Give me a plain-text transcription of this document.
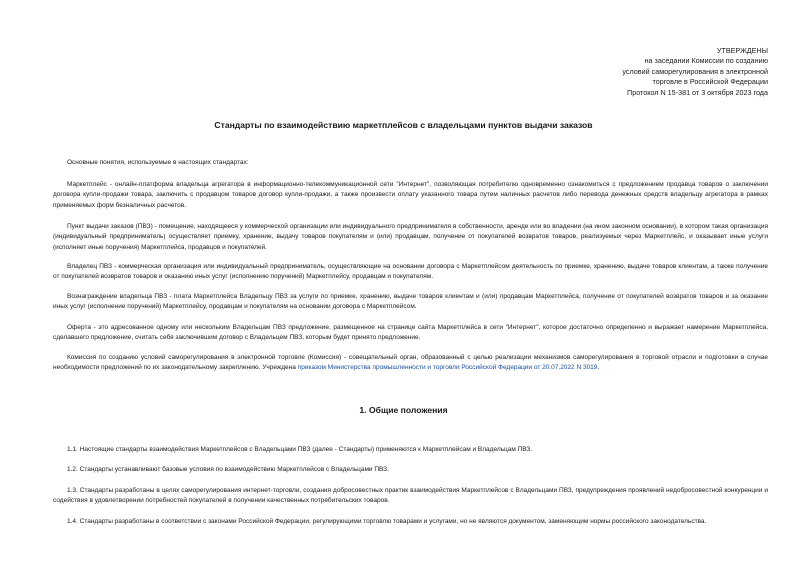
УТВЕРЖДЕНЫ
на заседании Комиссии по созданию
условий саморегулирования в электронной
торговле в Российской Федерации
Протокол N 15-381 от 3 октября 2023 года
Стандарты по взаимодействию маркетплейсов с владельцами пунктов выдачи заказов
Основные понятия, используемые в настоящих стандартах:
Маркетплейс - онлайн-платформа владельца агрегатора в информационно-телекоммуникационной сети "Интернет", позволяющая потребителю одновременно ознакомиться с предложением продавца товаров о заключении договора купли-продажи товара, заключить с продавцом товаров договор купли-продажи, а также произвести оплату указанного товара путем наличных расчетов либо перевода денежных средств владельцу агрегатора в рамках применяемых форм безналичных расчетов.
Пункт выдачи заказов (ПВЗ) - помещение, находящееся у коммерческой организации или индивидуального предпринимателя в собственности, аренде или во владении (на ином законном основании), в котором такая организация (индивидуальный предприниматель) осуществляет приемку, хранение, выдачу товаров покупателям и (или) продавцам, получение от покупателей возвратов товаров, реализуемых через Маркетплейс, и оказывает иные услуги (исполняет иные поручения) Маркетплейса, продавцов и покупателей.
Владелец ПВЗ - коммерческая организация или индивидуальный предприниматель, осуществляющие на основании договора с Маркетплейсом деятельность по приемке, хранению, выдаче товаров клиентам, а также получение от покупателей возвратов товаров и оказанию иных услуг (исполнению поручений) Маркетплейсу, продавцам и покупателям.
Вознаграждение владельца ПВЗ - плата Маркетплейса Владельцу ПВЗ за услуги по приемке, хранению, выдаче товаров клиентам и (или) продавцам Маркетплейса, получение от покупателей возвратов товаров и за оказание иных услуг (исполнение поручений) Маркетплейсу, продавцам и покупателям на основании договора с Маркетплейсом.
Оферта - это адресованное одному или нескольким Владельцам ПВЗ предложение, размещенное на странице сайта Маркетплейса в сети "Интернет", которое достаточно определенно и выражает намерение Маркетплейса, сделавшего предложение, считать себя заключившим договор с Владельцем ПВЗ, которым будет принято предложение.
Комиссия по созданию условий саморегулирования в электронной торговле (Комиссия) - совещательный орган, образованный с целью реализации механизмов саморегулирования в торговой отрасли и подготовки в случае необходимости предложений по их законодательному закреплению. Учреждена приказом Министерства промышленности и торговли Российской Федерации от 20.07.2022 N 3019.
1. Общие положения
1.1. Настоящие стандарты взаимодействия Маркетплейсов с Владельцами ПВЗ (далее - Стандарты) применяются к Маркетплейсам и Владельцам ПВЗ.
1.2. Стандарты устанавливают базовые условия по взаимодействию Маркетплейсов с Владельцами ПВЗ.
1.3. Стандарты разработаны в целях саморегулирования интернет-торговли, создания добросовестных практик взаимодействия Маркетплейсов с Владельцами ПВЗ, предупреждения проявлений недобросовестной конкуренции и содействия в удовлетворении потребностей покупателей в получении качественных потребительских товаров.
1.4. Стандарты разработаны в соответствии с законами Российской Федерации, регулирующими торговлю товарами и услугами, но не являются документом, заменяющим нормы российского законодательства.
